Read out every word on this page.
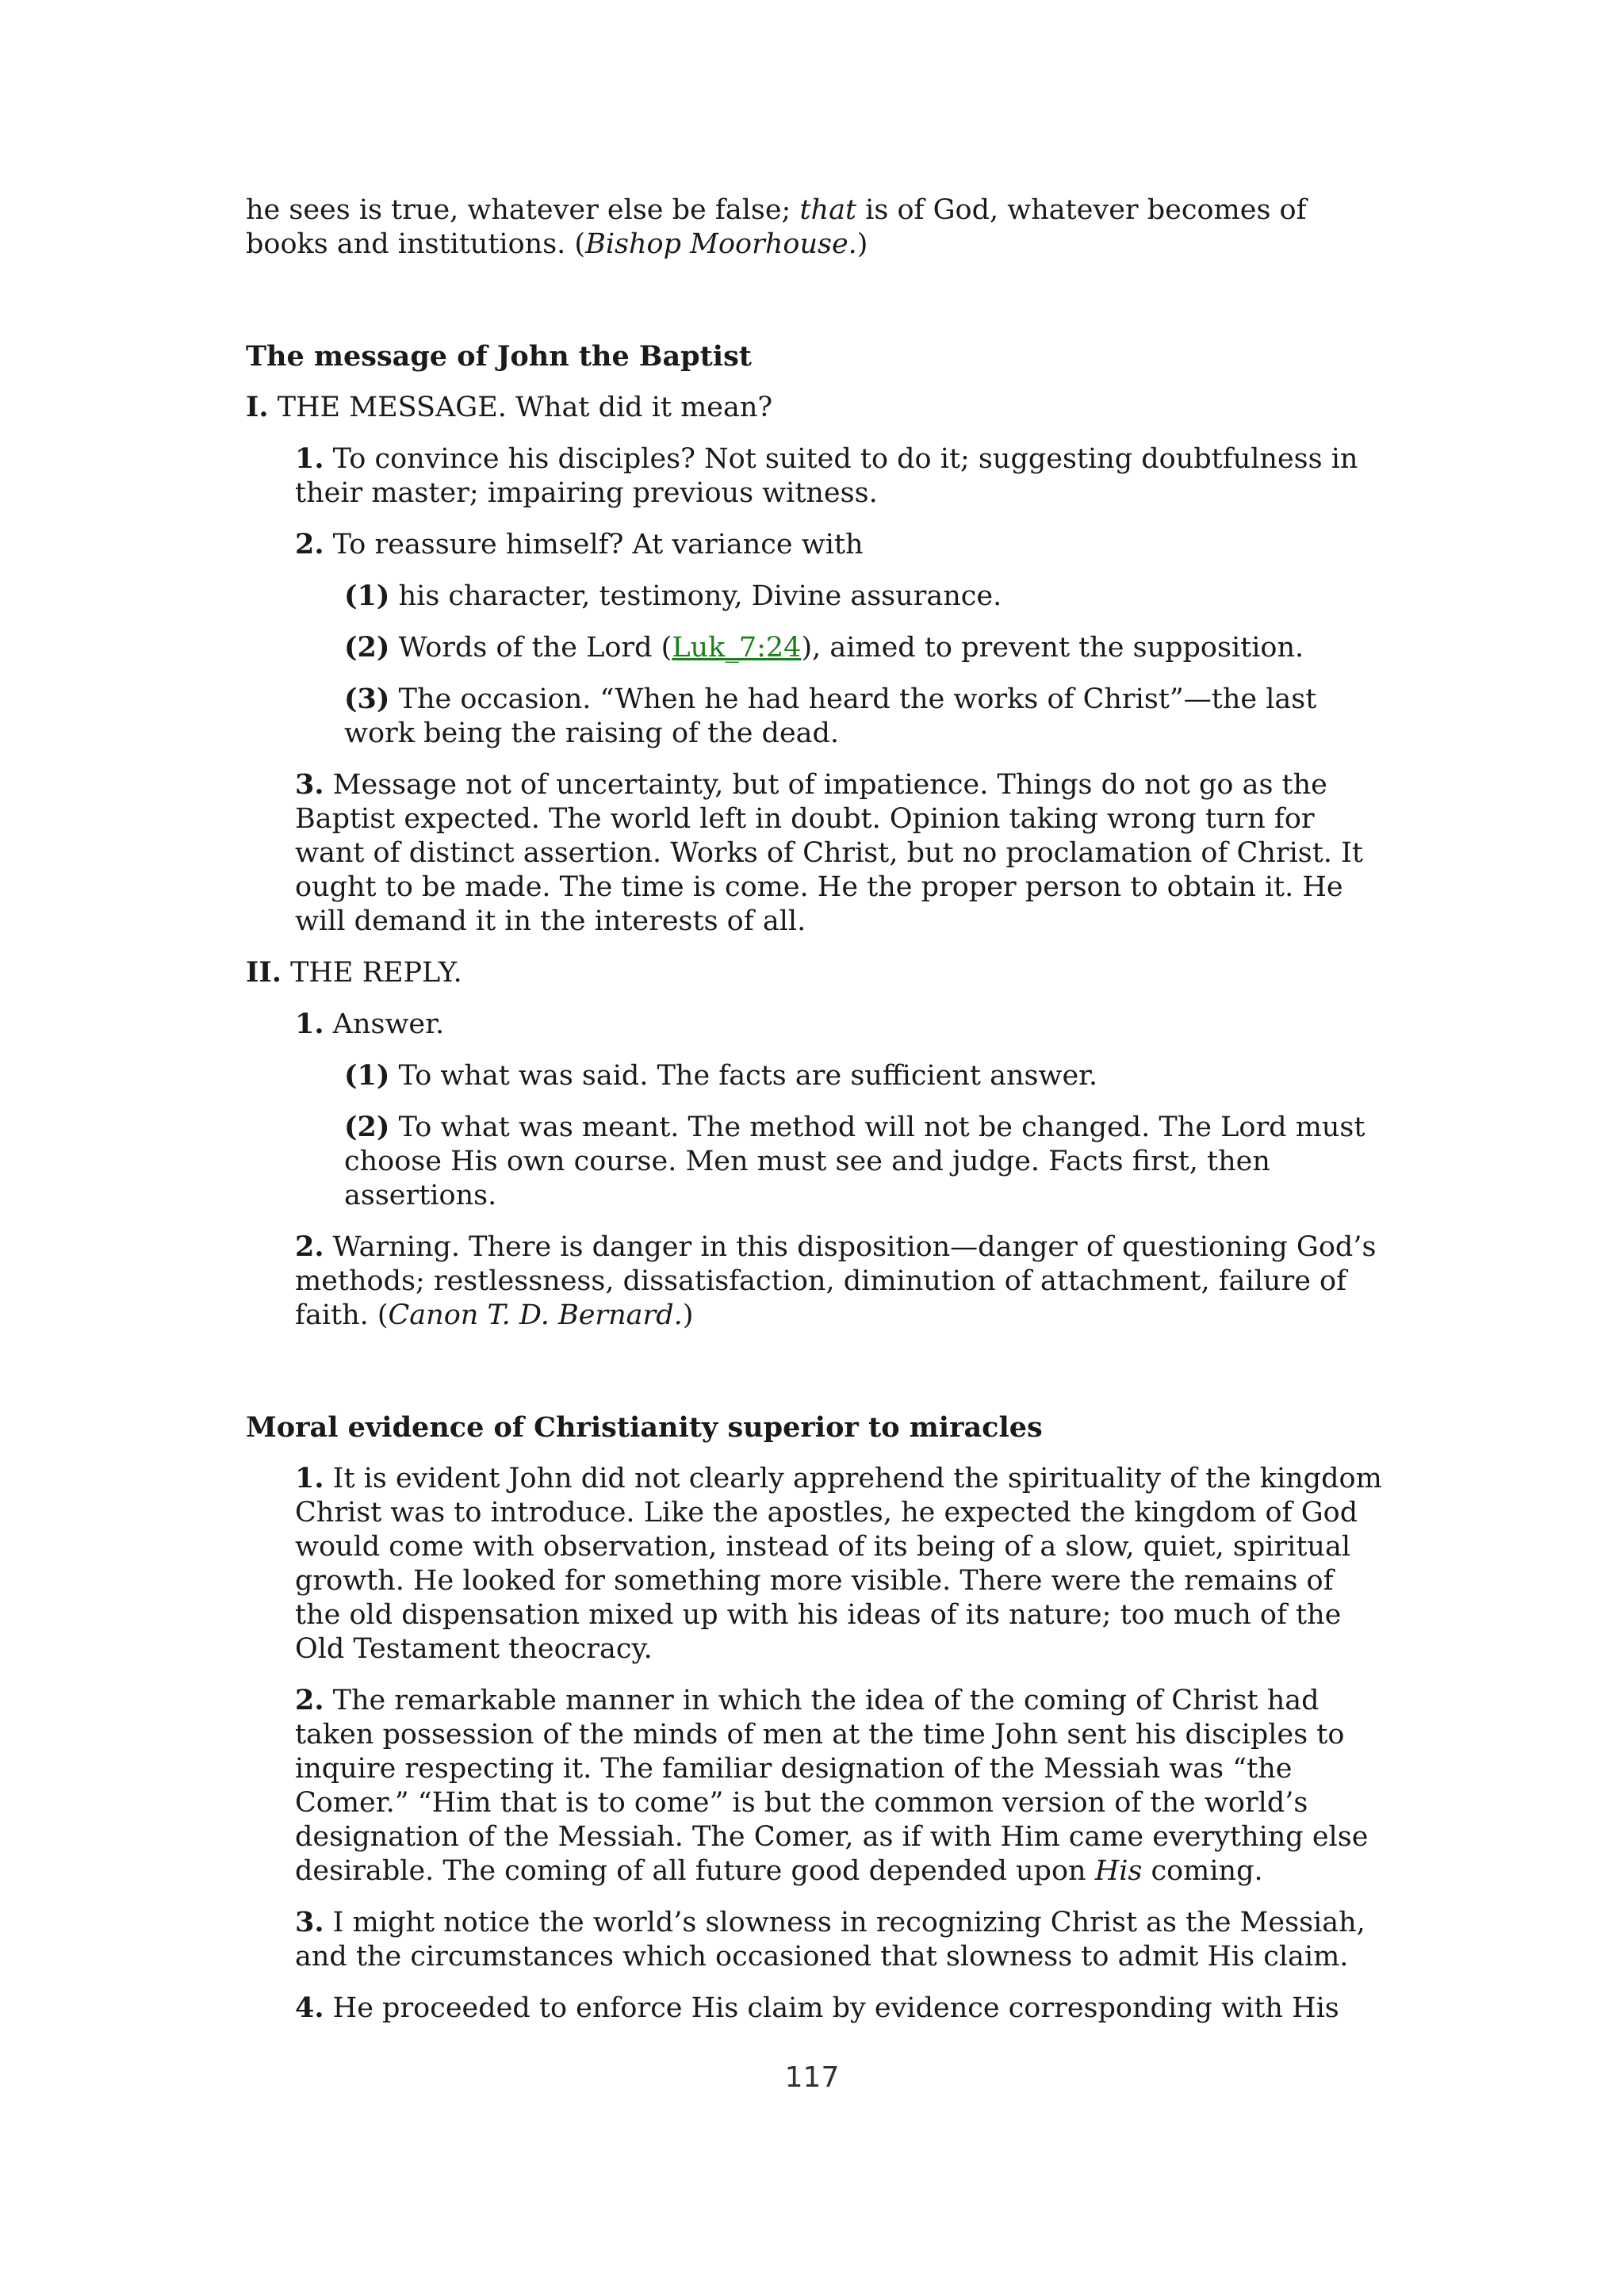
he sees is true, whatever else be false; that is of God, whatever becomes of books and institutions. (Bishop Moorhouse.)

The message of John the Baptist

I. THE MESSAGE. What did it mean?

1. To convince his disciples? Not suited to do it; suggesting doubtfulness in their master; impairing previous witness.

2. To reassure himself? At variance with

(1) his character, testimony, Divine assurance.

(2) Words of the Lord (Luk_7:24), aimed to prevent the supposition.

(3) The occasion. “When he had heard the works of Christ”—the last work being the raising of the dead.

3. Message not of uncertainty, but of impatience. Things do not go as the Baptist expected. The world left in doubt. Opinion taking wrong turn for want of distinct assertion. Works of Christ, but no proclamation of Christ. It ought to be made. The time is come. He the proper person to obtain it. He will demand it in the interests of all.

II. THE REPLY.

1. Answer.

(1) To what was said. The facts are sufficient answer.

(2) To what was meant. The method will not be changed. The Lord must choose His own course. Men must see and judge. Facts first, then assertions.

2. Warning. There is danger in this disposition—danger of questioning God’s methods; restlessness, dissatisfaction, diminution of attachment, failure of faith. (Canon T. D. Bernard.)

Moral evidence of Christianity superior to miracles

1. It is evident John did not clearly apprehend the spirituality of the kingdom Christ was to introduce. Like the apostles, he expected the kingdom of God would come with observation, instead of its being of a slow, quiet, spiritual growth. He looked for something more visible. There were the remains of the old dispensation mixed up with his ideas of its nature; too much of the Old Testament theocracy.

2. The remarkable manner in which the idea of the coming of Christ had taken possession of the minds of men at the time John sent his disciples to inquire respecting it. The familiar designation of the Messiah was “the Comer.” “Him that is to come” is but the common version of the world’s designation of the Messiah. The Comer, as if with Him came everything else desirable. The coming of all future good depended upon His coming.

3. I might notice the world’s slowness in recognizing Christ as the Messiah, and the circumstances which occasioned that slowness to admit His claim.

4. He proceeded to enforce His claim by evidence corresponding with His

117
